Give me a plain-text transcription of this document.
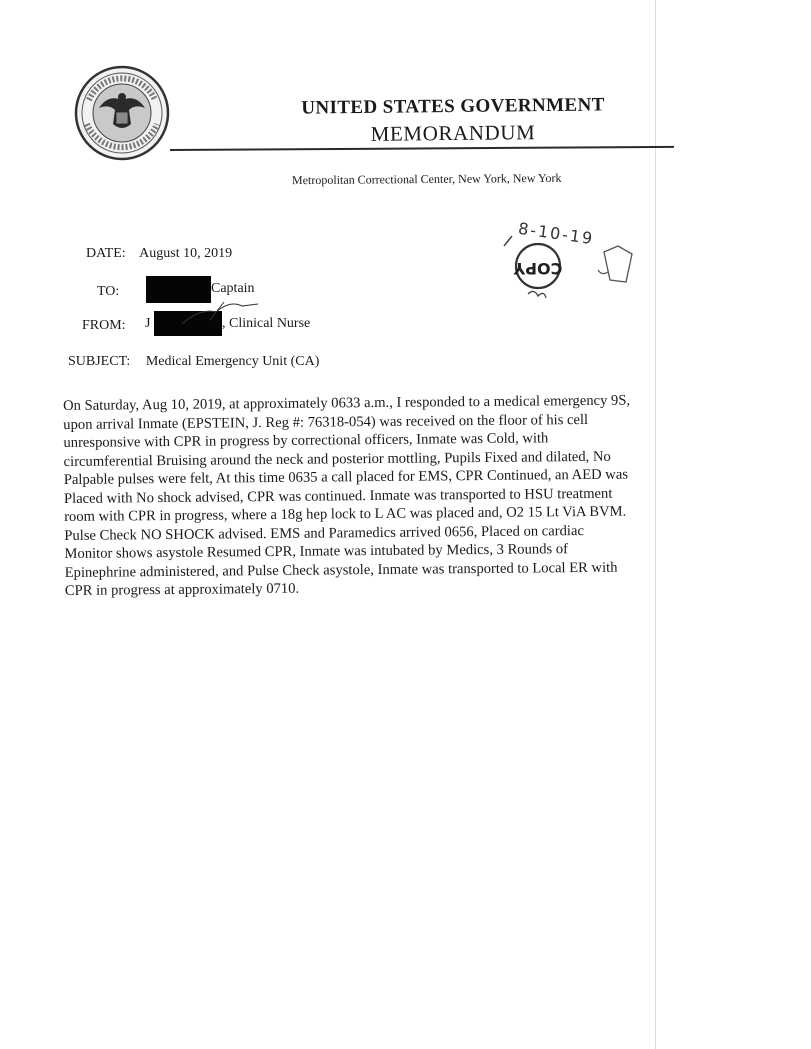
UNITED STATES GOVERNMENT
MEMORANDUM
Metropolitan Correctional Center, New York, New York
8-10-19
COPY
DATE: August 10, 2019
TO:	Captain
FROM: J	, Clinical Nurse
SUBJECT: Medical Emergency Unit (CA)
On Saturday, Aug 10, 2019, at approximately 0633 a.m., I responded to a medical emergency 9S,
upon arrival Inmate (EPSTEIN, J. Reg #: 76318-054) was received on the floor of his cell
unresponsive with CPR in progress by correctional officers, Inmate was Cold, with
circumferential Bruising around the neck and posterior mottling, Pupils Fixed and dilated, No
Palpable pulses were felt, At this time 0635 a call placed for EMS, CPR Continued, an AED was
Placed with No shock advised, CPR was continued. Inmate was transported to HSU treatment
room with CPR in progress, where a 18g hep lock to L AC was placed and, O2 15 Lt ViA BVM.
Pulse Check NO SHOCK advised. EMS and Paramedics arrived 0656, Placed on cardiac
Monitor shows asystole Resumed CPR, Inmate was intubated by Medics, 3 Rounds of
Epinephrine administered, and Pulse Check asystole, Inmate was transported to Local ER with
CPR in progress at approximately 0710.
